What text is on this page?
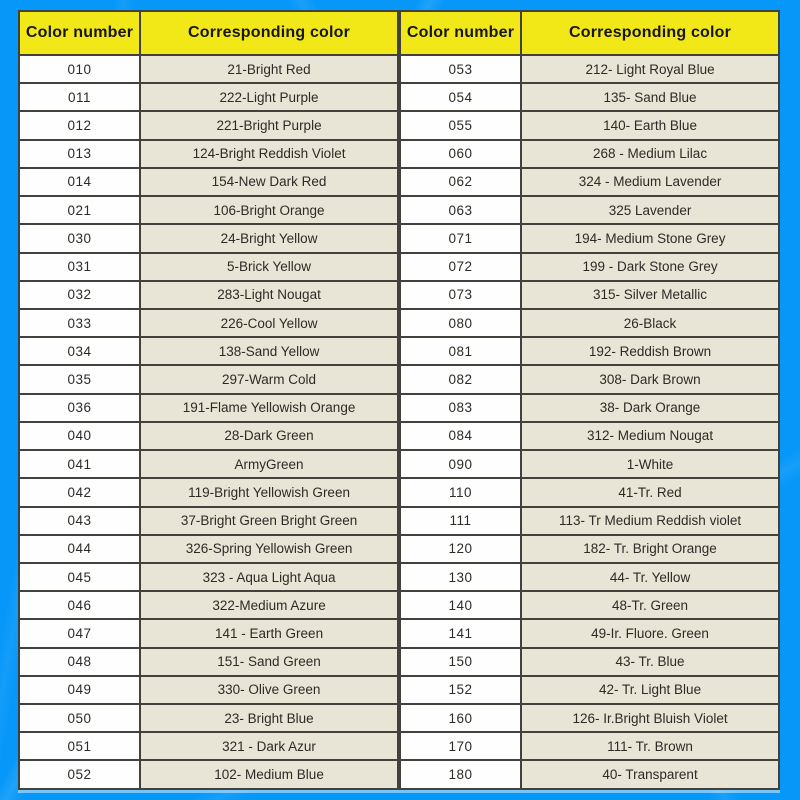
Color number	Corresponding color
010	21-Bright Red
011	222-Light Purple
012	221-Bright Purple
013	124-Bright Reddish Violet
014	154-New Dark Red
021	106-Bright Orange
030	24-Bright Yellow
031	5-Brick Yellow
032	283-Light Nougat
033	226-Cool Yellow
034	138-Sand Yellow
035	297-Warm Cold
036	191-Flame Yellowish Orange
040	28-Dark Green
041	ArmyGreen
042	119-Bright Yellowish Green
043	37-Bright Green Bright Green
044	326-Spring Yellowish Green
045	323 - Aqua Light Aqua
046	322-Medium Azure
047	141 - Earth Green
048	151- Sand Green
049	330- Olive Green
050	23- Bright Blue
051	321 - Dark Azur
052	102- Medium Blue
Color number	Corresponding color
053	212- Light Royal Blue
054	135- Sand Blue
055	140- Earth Blue
060	268 - Medium Lilac
062	324 - Medium Lavender
063	325 Lavender
071	194- Medium Stone Grey
072	199 - Dark Stone Grey
073	315- Silver Metallic
080	26-Black
081	192- Reddish Brown
082	308- Dark Brown
083	38- Dark Orange
084	312- Medium Nougat
090	1-White
110	41-Tr. Red
111	113- Tr Medium Reddish violet
120	182- Tr. Bright Orange
130	44- Tr. Yellow
140	48-Tr. Green
141	49-Ir. Fluore. Green
150	43- Tr. Blue
152	42- Tr. Light Blue
160	126- Ir.Bright Bluish Violet
170	111- Tr. Brown
180	40- Transparent
